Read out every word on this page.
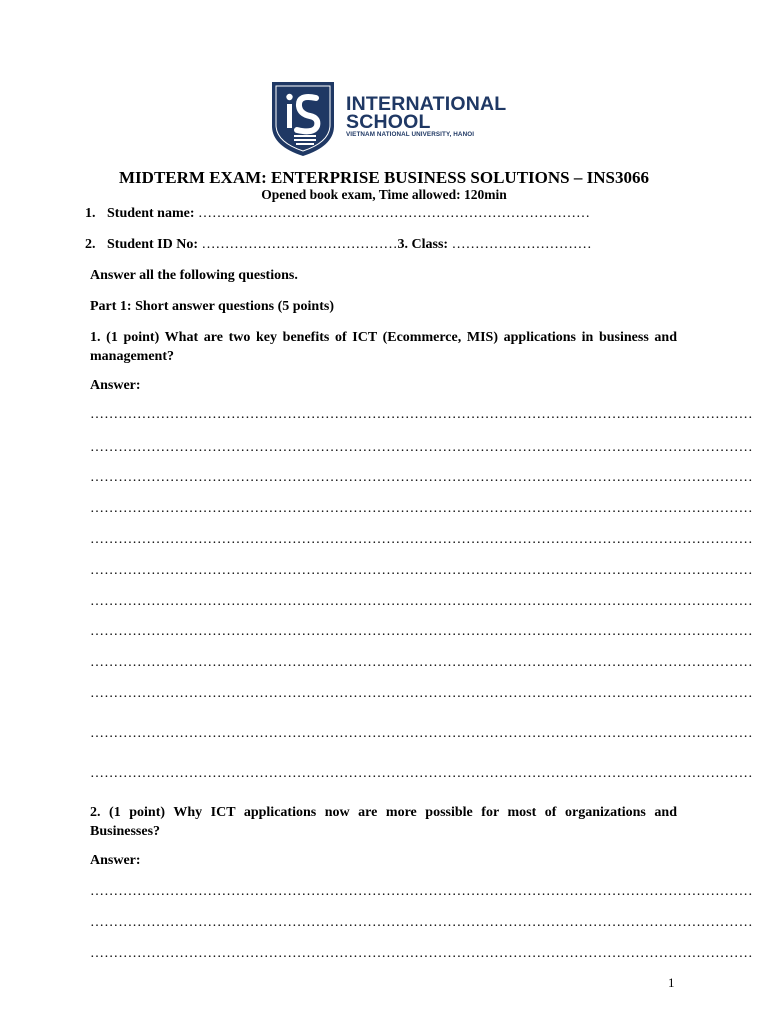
INTERNATIONAL
SCHOOL
VIETNAM NATIONAL UNIVERSITY, HANOI
MIDTERM EXAM: ENTERPRISE BUSINESS SOLUTIONS – INS3066
Opened book exam, Time allowed: 120min
1. Student name: …………………………………………………………………………
2. Student ID No: ……………………………………3. Class: …………………………
Answer all the following questions.
Part 1: Short answer questions (5 points)
1. (1 point) What are two key benefits of ICT (Ecommerce, MIS) applications in business and management?
Answer:
……………………………………………………………………………………………………………………………
……………………………………………………………………………………………………………………………
……………………………………………………………………………………………………………………………
……………………………………………………………………………………………………………………………
……………………………………………………………………………………………………………………………
……………………………………………………………………………………………………………………………
……………………………………………………………………………………………………………………………
……………………………………………………………………………………………………………………………
……………………………………………………………………………………………………………………………
……………………………………………………………………………………………………………………………
……………………………………………………………………………………………………………………………
……………………………………………………………………………………………………………………………
2. (1 point) Why ICT applications now are more possible for most of organizations and Businesses?
Answer:
……………………………………………………………………………………………………………………………
……………………………………………………………………………………………………………………………
……………………………………………………………………………………………………………………………
1
